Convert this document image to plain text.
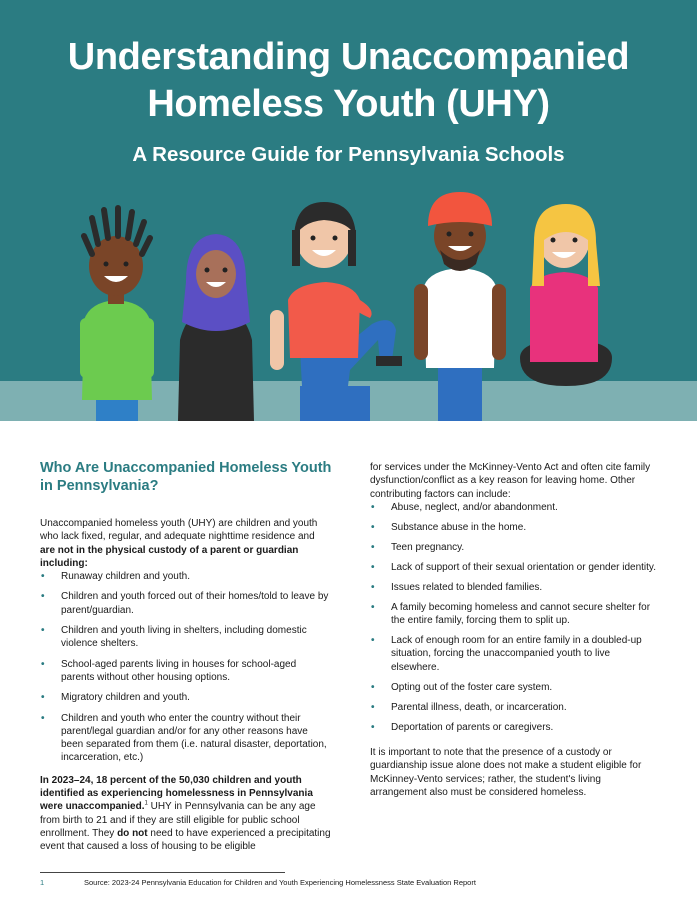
Understanding Unaccompanied
Homeless Youth (UHY)
A Resource Guide for Pennsylvania Schools
Who Are Unaccompanied Homeless Youth in Pennsylvania?

Unaccompanied homeless youth (UHY) are children and youth who lack fixed, regular, and adequate nighttime residence and are not in the physical custody of a parent or guardian including:

• Runaway children and youth.
• Children and youth forced out of their homes/told to leave by parent/guardian.
• Children and youth living in shelters, including domestic violence shelters.
• School-aged parents living in houses for school-aged parents without other housing options.
• Migratory children and youth.
• Children and youth who enter the country without their parent/legal guardian and/or for any other reasons have been separated from them (i.e. natural disaster, deportation, incarceration, etc.)

In 2023–24, 18 percent of the 50,030 children and youth identified as experiencing homelessness in Pennsylvania were unaccompanied.$^1$ UHY in Pennsylvania can be any age from birth to 21 and if they are still eligible for public school enrollment. They do not need to have experienced a precipitating event that caused a loss of housing to be eligible

for services under the McKinney-Vento Act and often cite family dysfunction/conflict as a key reason for leaving home. Other contributing factors can include:

• Abuse, neglect, and/or abandonment.
• Substance abuse in the home.
• Teen pregnancy.
• Lack of support of their sexual orientation or gender identity.
• Issues related to blended families.
• A family becoming homeless and cannot secure shelter for the entire family, forcing them to split up.
• Lack of enough room for an entire family in a doubled-up situation, forcing the unaccompanied youth to live elsewhere.
• Opting out of the foster care system.
• Parental illness, death, or incarceration.
• Deportation of parents or caregivers.

It is important to note that the presence of a custody or guardianship issue alone does not make a student eligible for McKinney-Vento services; rather, the student's living arrangement also must be considered homeless.

1	Source: 2023-24 Pennsylvania Education for Children and Youth Experiencing Homelessness State Evaluation Report
